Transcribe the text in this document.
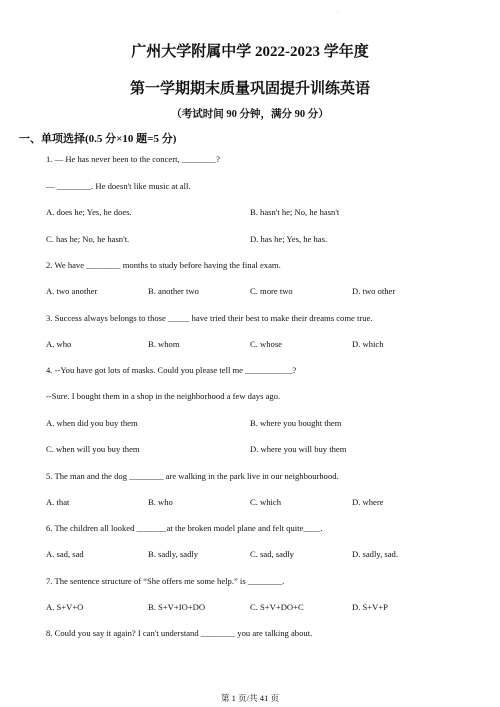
.
广州大学附属中学 2022-2023 学年度
第一学期期末质量巩固提升训练英语
（考试时间 90 分钟，满分 90 分）
一、单项选择(0.5 分×10 题=5 分)
1. — He has never been to the concert, ________?
— ________. He doesn't like music at all.
A. does he; Yes, he does.	B. hasn't he; No, he hasn't
C. has he; No, he hasn't.	D. has he; Yes, he has.
2. We have ________ months to study before having the final exam.
A. two another	B. another two	C. more two	D. two other
3. Success always belongs to those _____ have tried their best to make their dreams come true.
A. who	B. whom	C. whose	D. which
4. --You have got lots of masks. Could you please tell me ___________?
--Sure. I bought them in a shop in the neighborhood a few days ago.
A. when did you buy them	B. where you bought them
C. when will you buy them	D. where you will buy them
5. The man and the dog ________ are walking in the park live in our neighbourhood.
A. that	B. who	C. which	D. where
6. The children all looked _______at the broken model plane and felt quite____.
A. sad, sad	B. sadly, sadly	C. sad, sadly	D. sadly, sad.
7. The sentence structure of “She offers me some help.” is ________.
A. S+V+O	B. S+V+IO+DO	C. S+V+DO+C	D. S+V+P
8. Could you say it again? I can't understand ________ you are talking about.
第 1 页/共 41 页
